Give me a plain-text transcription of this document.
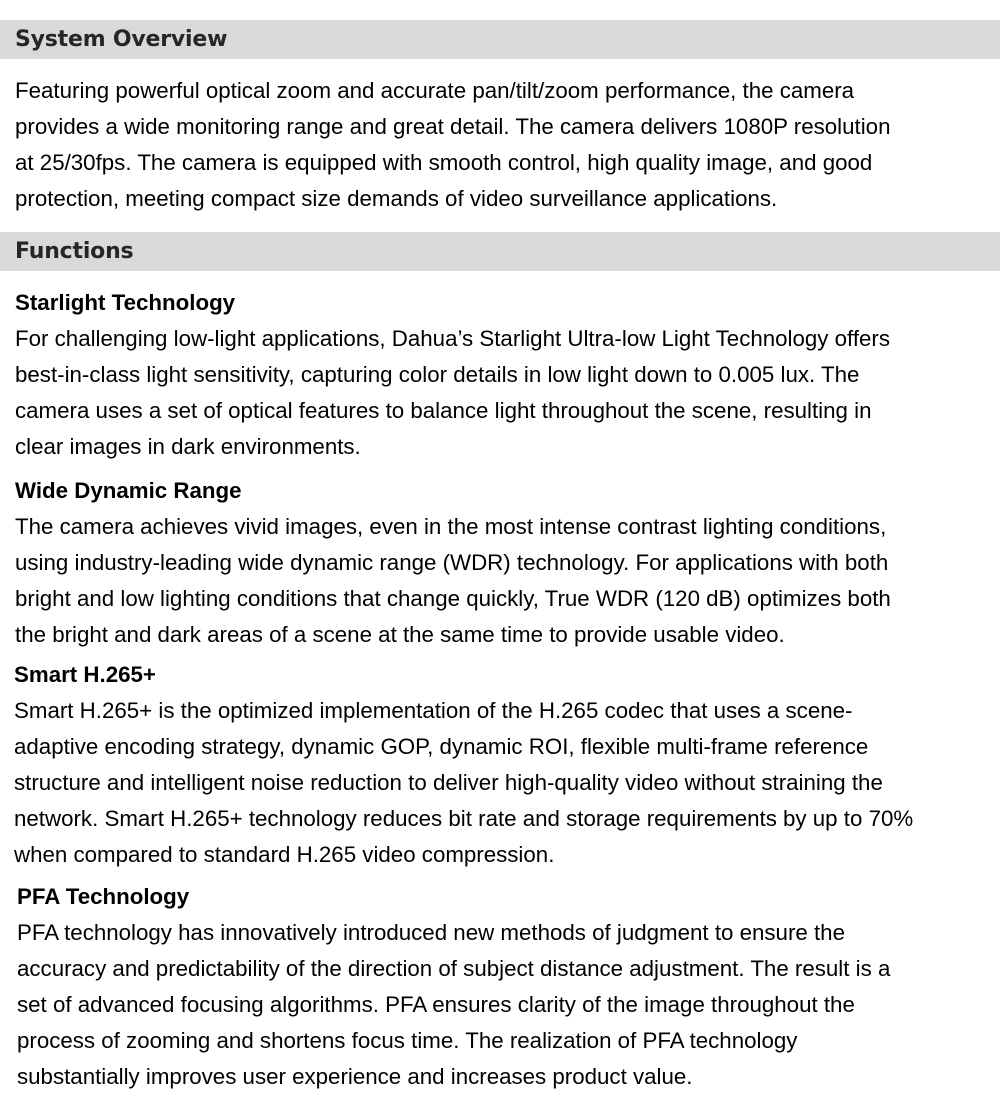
System Overview
Featuring powerful optical zoom and accurate pan/tilt/zoom performance, the camera
provides a wide monitoring range and great detail. The camera delivers 1080P resolution
at 25/30fps. The camera is equipped with smooth control, high quality image, and good
protection, meeting compact size demands of video surveillance applications.
Functions
Starlight Technology
For challenging low-light applications, Dahua’s Starlight Ultra-low Light Technology offers
best-in-class light sensitivity, capturing color details in low light down to 0.005 lux. The
camera uses a set of optical features to balance light throughout the scene, resulting in
clear images in dark environments.
Wide Dynamic Range
The camera achieves vivid images, even in the most intense contrast lighting conditions,
using industry-leading wide dynamic range (WDR) technology. For applications with both
bright and low lighting conditions that change quickly, True WDR (120 dB) optimizes both
the bright and dark areas of a scene at the same time to provide usable video.
Smart H.265+
Smart H.265+ is the optimized implementation of the H.265 codec that uses a scene-
adaptive encoding strategy, dynamic GOP, dynamic ROI, flexible multi-frame reference
structure and intelligent noise reduction to deliver high-quality video without straining the
network. Smart H.265+ technology reduces bit rate and storage requirements by up to 70%
when compared to standard H.265 video compression.
PFA Technology
PFA technology has innovatively introduced new methods of judgment to ensure the
accuracy and predictability of the direction of subject distance adjustment. The result is a
set of advanced focusing algorithms. PFA ensures clarity of the image throughout the
process of zooming and shortens focus time. The realization of PFA technology
substantially improves user experience and increases product value.
